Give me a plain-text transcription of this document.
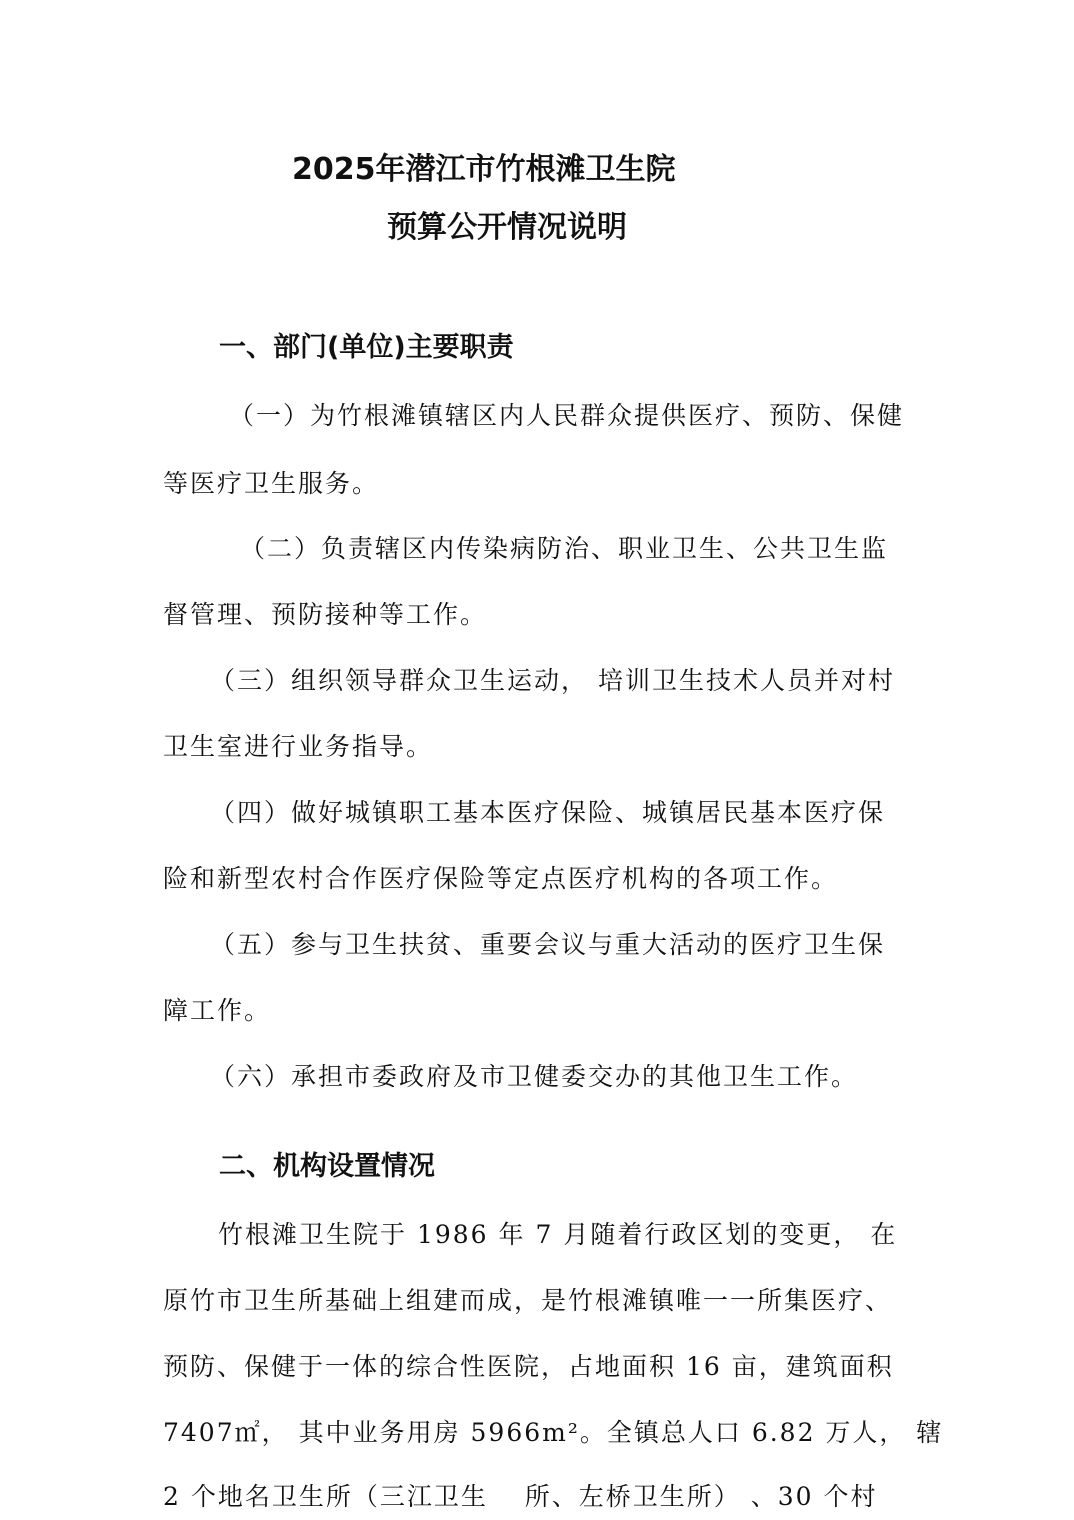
2025年潜江市竹根滩卫生院
预算公开情况说明
一、部门(单位)主要职责
（一）为竹根滩镇辖区内人民群众提供医疗、预防、保健
等医疗卫生服务。
（二）负责辖区内传染病防治、职业卫生、公共卫生监
督管理、预防接种等工作。
（三）组织领导群众卫生运动， 培训卫生技术人员并对村
卫生室进行业务指导。
（四）做好城镇职工基本医疗保险、城镇居民基本医疗保
险和新型农村合作医疗保险等定点医疗机构的各项工作。
（五）参与卫生扶贫、重要会议与重大活动的医疗卫生保
障工作。
（六）承担市委政府及市卫健委交办的其他卫生工作。
二、机构设置情况
竹根滩卫生院于 1986 年 7 月随着行政区划的变更， 在
原竹市卫生所基础上组建而成，是竹根滩镇唯一一所集医疗、
预防、保健于一体的综合性医院，占地面积 16 亩，建筑面积
7407㎡， 其中业务用房 5966m²。全镇总人口 6.82 万人， 辖
2 个地名卫生所（三江卫生　 所、左桥卫生所） 、30 个村
